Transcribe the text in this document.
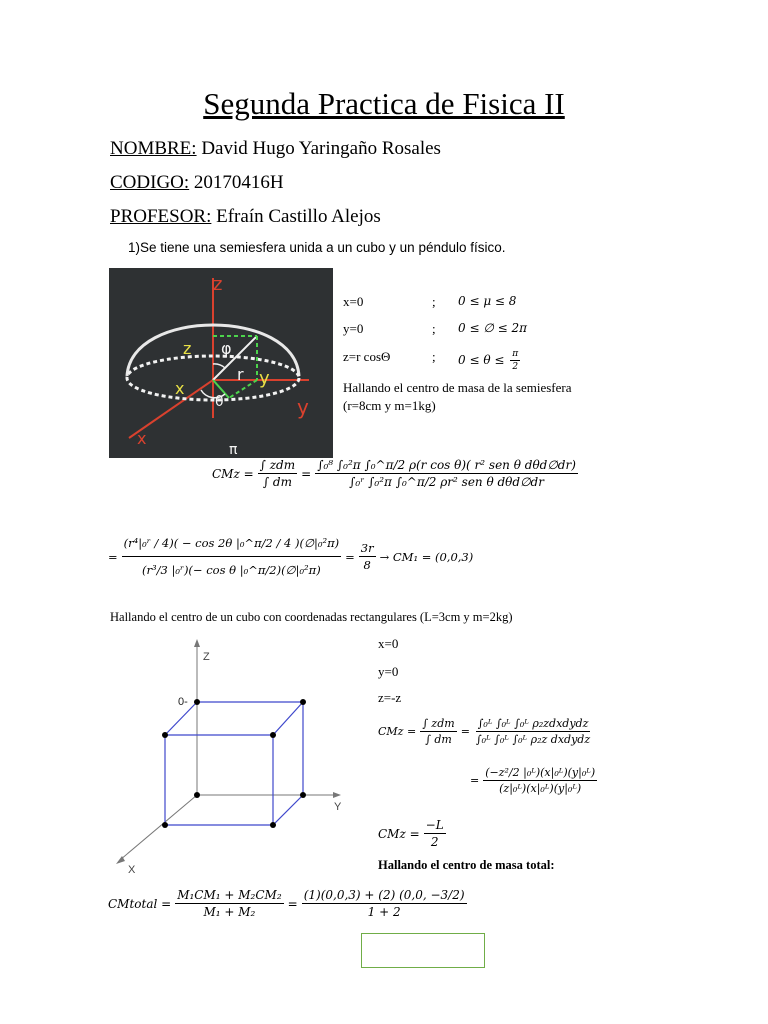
Segunda Practica de Fisica II
NOMBRE: David Hugo Yaringaño Rosales
CODIGO: 20170416H
PROFESOR: Efraín Castillo Alejos
1)Se tiene una semiesfera unida a un cubo y un péndulo físico.
z
y
x
φ
r
θ
π
z
x	y
x=0	; 0 ≤ μ ≤ 8
y=0	; 0 ≤ ∅ ≤ 2π
z=r cosΘ	; $0 \le \theta \le \frac{\pi}{2}$
Hallando el centro de masa de la semiesfera
(r=8cm y m=1kg)
CMz = $\frac{\text{∫ zdm}}{\int dm} = \frac{\text{∫₀⁸ ∫₀²π ∫₀\textasciicircum{}π/2 ρ(r cos θ)( r² sen θ dθd∅dr)}}{\text{∫₀ʳ ∫₀²π ∫₀\textasciicircum{}π/2 ρr² sen θ dθd∅dr}}$
= $\frac{\text{(r⁴|₀ʳ / 4)( − cos 2θ |₀\textasciicircum{}π/2 / 4 )(∅|₀²π)}}{\text{(r³/3 |₀ʳ)(− cos θ |₀\textasciicircum{}π/2)(∅|₀²π)}} = \frac{3r}{8} \to CM_1 = (0,0,3)$
Hallando el centro de un cubo con coordenadas rectangulares (L=3cm y m=2kg)
Z
Y
X
0-
x=0
y=0
z=-z
CMz = $\frac{\text{∫ zdm}}{\int dm} = \frac{\text{∫₀ᴸ ∫₀ᴸ ∫₀ᴸ ρ₂zdxdydz}}{\text{∫₀ᴸ ∫₀ᴸ ∫₀ᴸ ρ₂z dxdydz}}$
= $\frac{\text{(−z²/2 |₀ᴸ)(x|₀ᴸ)(y|₀ᴸ)}}{\text{(z|₀ᴸ)(x|₀ᴸ)(y|₀ᴸ)}}$
CMz = $\frac{-L}{2}$
Hallando el centro de masa total:
CMtotal = $\frac{\text{M₁CM₁ + M₂CM₂}}{\text{M₁ + M₂}} = \frac{(1)(0,0,3) + (2) (0,0, -3/2)}{1 + 2}$
